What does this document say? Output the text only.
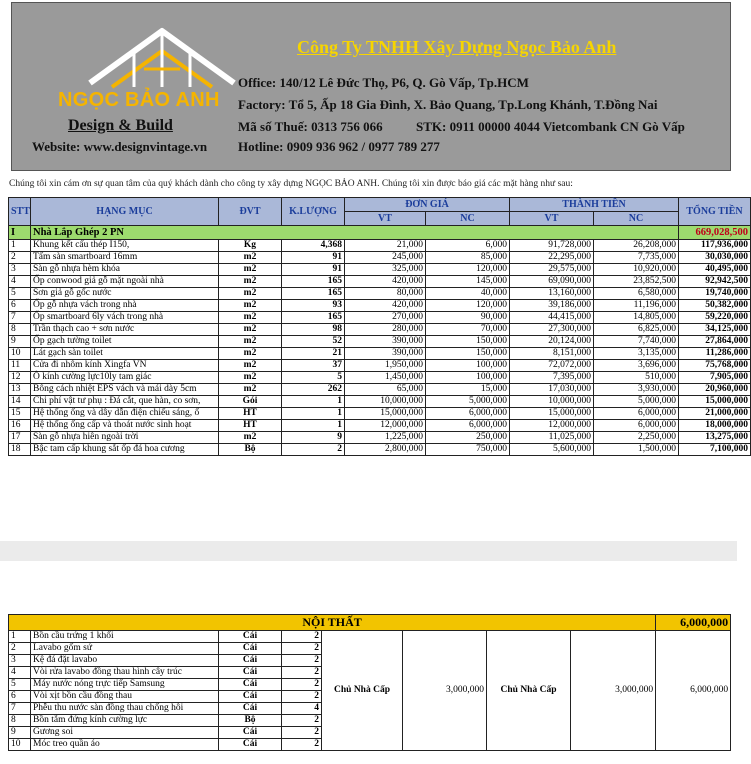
NGỌC BẢO ANH
Design & Build
Website: www.designvintage.vn
Công Ty TNHH Xây Dựng Ngọc Bảo Anh
Office: 140/12 Lê Đức Thọ, P6, Q. Gò Vấp, Tp.HCM
Factory: Tổ 5, Ấp 18 Gia Đình, X. Bảo Quang, Tp.Long Khánh, T.Đồng Nai
Mã số Thuế: 0313 756 066	STK: 0911 00000 4044 Vietcombank CN Gò Vấp
Hotline: 0909 936 962 / 0977 789 277
Chúng tôi xin cám ơn sự quan tâm của quý khách dành cho công ty xây dựng NGỌC BẢO ANH. Chúng tôi xin được báo giá các mặt hàng như sau:
STT	HẠNG MỤC	ĐVT	K.LƯỢNG	ĐƠN GIÁ		THÀNH TIỀN		TỔNG TIỀN
				VT	NC	VT	NC	
I	Nhà Lắp Ghép 2 PN							669,028,500
1	Khung kết cấu thép I150,	Kg	4,368	21,000	6,000	91,728,000	26,208,000	117,936,000
2	Tấm sàn smartboard 16mm	m2	91	245,000	85,000	22,295,000	7,735,000	30,030,000
3	Sàn gỗ nhựa hèm khóa	m2	91	325,000	120,000	29,575,000	10,920,000	40,495,000
4	Ốp conwood giả gỗ mặt ngoài nhà	m2	165	420,000	145,000	69,090,000	23,852,500	92,942,500
5	Sơn giả gỗ gốc nước	m2	165	80,000	40,000	13,160,000	6,580,000	19,740,000
6	Ốp gỗ nhựa vách trong nhà	m2	93	420,000	120,000	39,186,000	11,196,000	50,382,000
7	Ốp smartboard 6ly vách trong nhà	m2	165	270,000	90,000	44,415,000	14,805,000	59,220,000
8	Trần thạch cao + sơn nước	m2	98	280,000	70,000	27,300,000	6,825,000	34,125,000
9	Ốp gạch tường toilet	m2	52	390,000	150,000	20,124,000	7,740,000	27,864,000
10	Lát gạch sàn toilet	m2	21	390,000	150,000	8,151,000	3,135,000	11,286,000
11	Cửa đi nhôm kính Xingfa VN	m2	37	1,950,000	100,000	72,072,000	3,696,000	75,768,000
12	Ô kính cường lực10ly tam giác	m2	5	1,450,000	100,000	7,395,000	510,000	7,905,000
13	Bông cách nhiệt EPS vách và mái dày 5cm	m2	262	65,000	15,000	17,030,000	3,930,000	20,960,000
14	Chi phí vật tư phụ : Đá cắt, que hàn, co sơn,	Gói	1	10,000,000	5,000,000	10,000,000	5,000,000	15,000,000
15	Hệ thống ống và dây dẫn điện chiếu sáng, ổ	HT	1	15,000,000	6,000,000	15,000,000	6,000,000	21,000,000
16	Hệ thống ống cấp và thoát nước sinh hoạt	HT	1	12,000,000	6,000,000	12,000,000	6,000,000	18,000,000
17	Sàn gỗ nhựa hiên ngoài trời	m2	9	1,225,000	250,000	11,025,000	2,250,000	13,275,000
18	Bậc tam cấp khung sắt ốp đá hoa cương	Bộ	2	2,800,000	750,000	5,600,000	1,500,000	7,100,000
NỘI THẤT								6,000,000
1	Bồn cầu trứng 1 khối	Cái	2	Chủ Nhà Cấp	3,000,000	Chủ Nhà Cấp	3,000,000	6,000,000
2	Lavabo gốm sứ	Cái	2					
3	Kệ đá đặt lavabo	Cái	2					
4	Vòi rửa lavabo đồng thau hình cây trúc	Cái	2					
5	Máy nước nóng trực tiếp Samsung	Cái	2					
6	Vòi xịt bồn cầu đồng thau	Cái	2					
7	Phễu thu nước sàn đồng thau chống hôi	Cái	4					
8	Bồn tắm đứng kính cường lực	Bộ	2					
9	Gương soi	Cái	2					
10	Móc treo quần áo	Cái	2					
